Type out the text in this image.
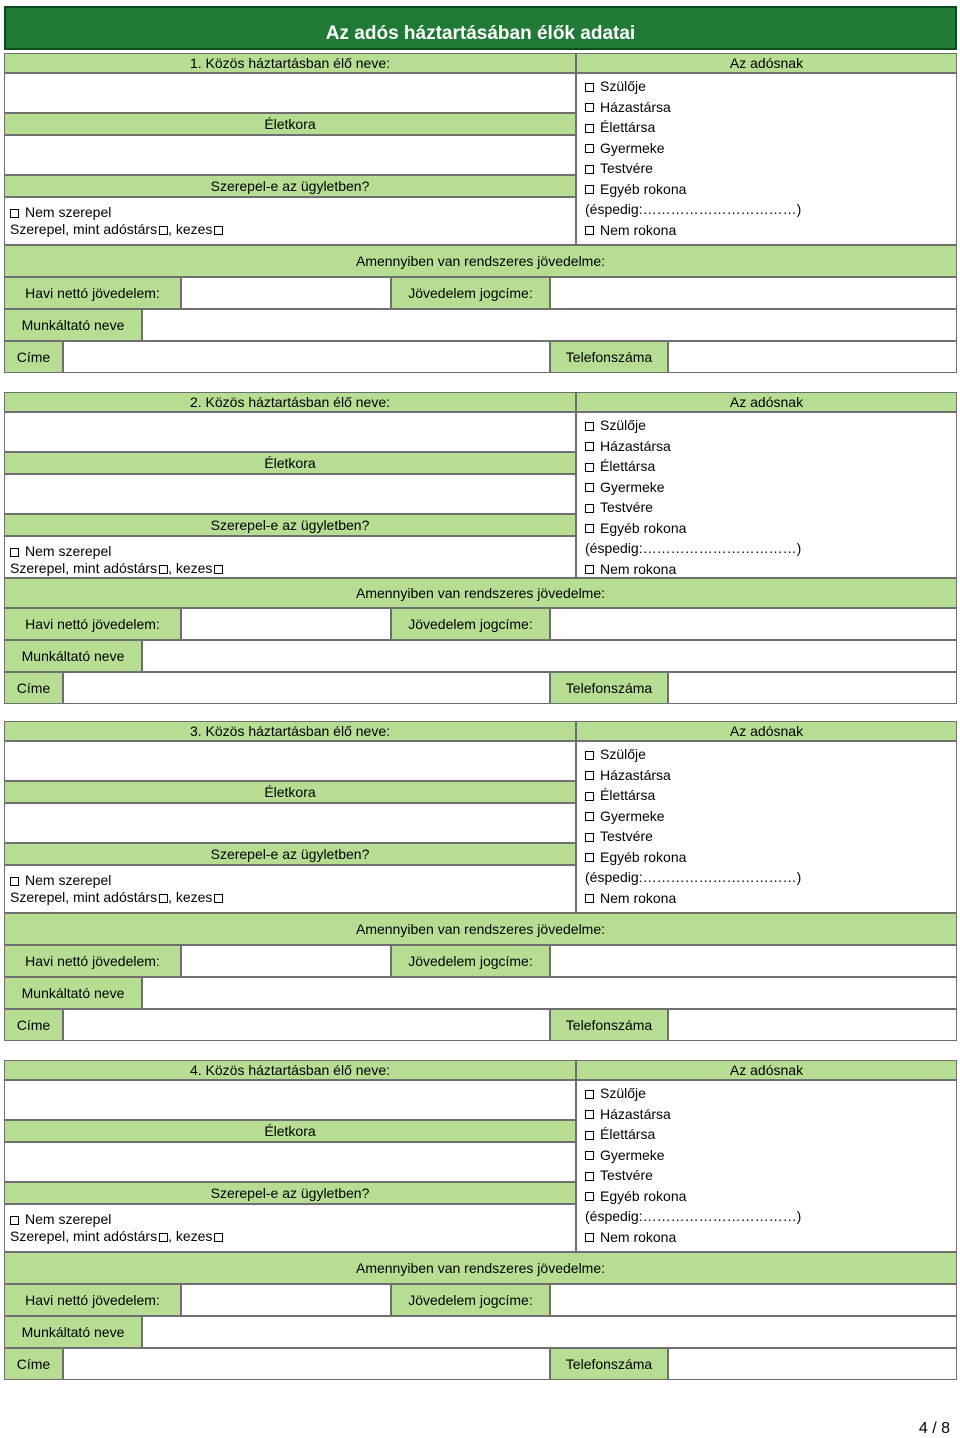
Az adós háztartásában élők adatai
1.
Közös háztartásban élő neve:	Az adósnak
Életkora
Szerepel-e az ügyletben?
Nem szerepel
Szerepel, mint adóstárs , kezes
Szülője
Házastársa
Élettársa
Gyermeke
Testvére
Egyéb rokona
(éspedig:……………………………)
Nem rokona
Amennyiben van rendszeres jövedelme:
Havi nettó jövedelem:	Jövedelem jogcíme:
Munkáltató neve
Címe	Telefonszáma
2.
Közös háztartásban élő neve:	Az adósnak
Életkora
Szerepel-e az ügyletben?
Nem szerepel
Szerepel, mint adóstárs , kezes
Szülője
Házastársa
Élettársa
Gyermeke
Testvére
Egyéb rokona
(éspedig:……………………………)
Nem rokona
Amennyiben van rendszeres jövedelme:
Havi nettó jövedelem:	Jövedelem jogcíme:
Munkáltató neve
Címe	Telefonszáma
3.
Közös háztartásban élő neve:	Az adósnak
Életkora
Szerepel-e az ügyletben?
Nem szerepel
Szerepel, mint adóstárs , kezes
Szülője
Házastársa
Élettársa
Gyermeke
Testvére
Egyéb rokona
(éspedig:……………………………)
Nem rokona
Amennyiben van rendszeres jövedelme:
Havi nettó jövedelem:	Jövedelem jogcíme:
Munkáltató neve
Címe	Telefonszáma
4.
Közös háztartásban élő neve:	Az adósnak
Életkora
Szerepel-e az ügyletben?
Nem szerepel
Szerepel, mint adóstárs , kezes
Szülője
Házastársa
Élettársa
Gyermeke
Testvére
Egyéb rokona
(éspedig:……………………………)
Nem rokona
Amennyiben van rendszeres jövedelme:
Havi nettó jövedelem:	Jövedelem jogcíme:
Munkáltató neve
Címe	Telefonszáma
4 / 8
